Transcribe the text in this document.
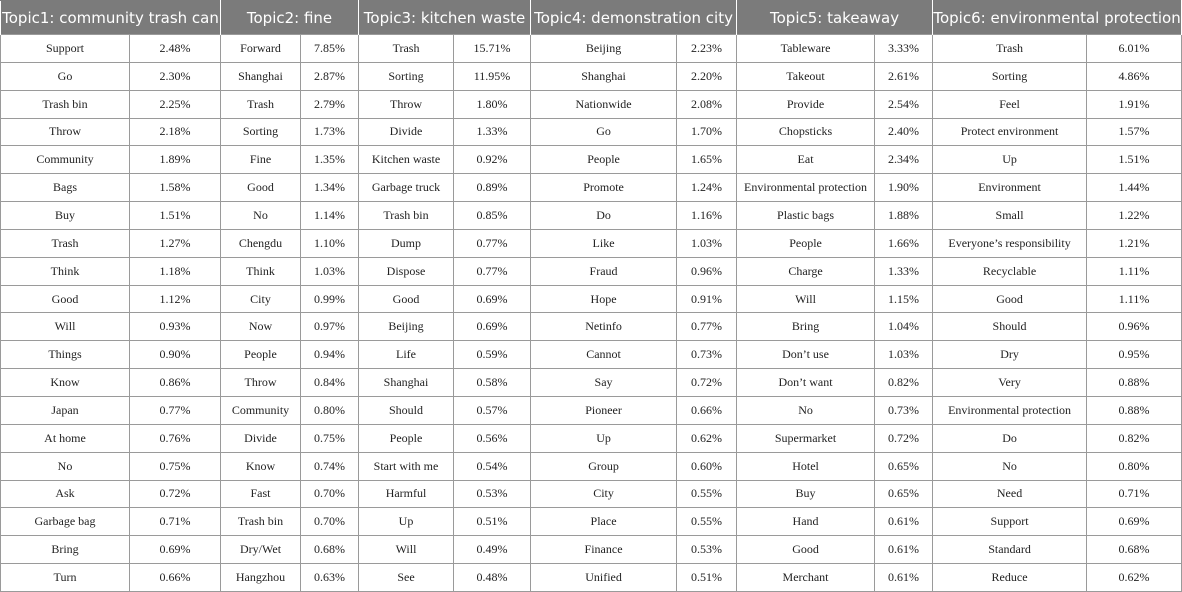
Topic1: community trash can		Topic2: fine		Topic3: kitchen waste		Topic4: demonstration city		Topic5: takeaway		Topic6: environmental protection	
Support	2.48%	Forward	7.85%	Trash	15.71%	Beijing	2.23%	Tableware	3.33%	Trash	6.01%
Go	2.30%	Shanghai	2.87%	Sorting	11.95%	Shanghai	2.20%	Takeout	2.61%	Sorting	4.86%
Trash bin	2.25%	Trash	2.79%	Throw	1.80%	Nationwide	2.08%	Provide	2.54%	Feel	1.91%
Throw	2.18%	Sorting	1.73%	Divide	1.33%	Go	1.70%	Chopsticks	2.40%	Protect environment	1.57%
Community	1.89%	Fine	1.35%	Kitchen waste	0.92%	People	1.65%	Eat	2.34%	Up	1.51%
Bags	1.58%	Good	1.34%	Garbage truck	0.89%	Promote	1.24%	Environmental protection	1.90%	Environment	1.44%
Buy	1.51%	No	1.14%	Trash bin	0.85%	Do	1.16%	Plastic bags	1.88%	Small	1.22%
Trash	1.27%	Chengdu	1.10%	Dump	0.77%	Like	1.03%	People	1.66%	Everyone’s responsibility	1.21%
Think	1.18%	Think	1.03%	Dispose	0.77%	Fraud	0.96%	Charge	1.33%	Recyclable	1.11%
Good	1.12%	City	0.99%	Good	0.69%	Hope	0.91%	Will	1.15%	Good	1.11%
Will	0.93%	Now	0.97%	Beijing	0.69%	Netinfo	0.77%	Bring	1.04%	Should	0.96%
Things	0.90%	People	0.94%	Life	0.59%	Cannot	0.73%	Don’t use	1.03%	Dry	0.95%
Know	0.86%	Throw	0.84%	Shanghai	0.58%	Say	0.72%	Don’t want	0.82%	Very	0.88%
Japan	0.77%	Community	0.80%	Should	0.57%	Pioneer	0.66%	No	0.73%	Environmental protection	0.88%
At home	0.76%	Divide	0.75%	People	0.56%	Up	0.62%	Supermarket	0.72%	Do	0.82%
No	0.75%	Know	0.74%	Start with me	0.54%	Group	0.60%	Hotel	0.65%	No	0.80%
Ask	0.72%	Fast	0.70%	Harmful	0.53%	City	0.55%	Buy	0.65%	Need	0.71%
Garbage bag	0.71%	Trash bin	0.70%	Up	0.51%	Place	0.55%	Hand	0.61%	Support	0.69%
Bring	0.69%	Dry/Wet	0.68%	Will	0.49%	Finance	0.53%	Good	0.61%	Standard	0.68%
Turn	0.66%	Hangzhou	0.63%	See	0.48%	Unified	0.51%	Merchant	0.61%	Reduce	0.62%
